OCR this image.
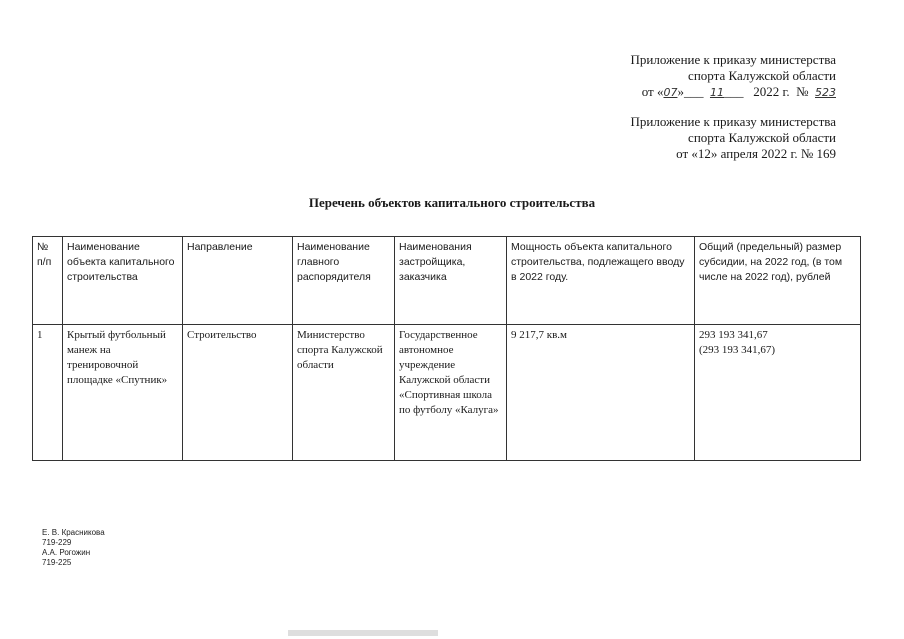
Приложение к приказу министерства
спорта Калужской области
от «07»___  11___   2022 г. № 523
Приложение к приказу министерства
спорта Калужской области
от «12» апреля 2022 г. № 169
Перечень объектов капитального строительства
№ п/п	Наименование объекта капитального строительства	Направление	Наименование главного распорядителя	Наименования застройщика, заказчика	Мощность объекта капитального строительства, подлежащего вводу в 2022 году.	Общий (предельный) размер субсидии, на 2022 год, (в том числе на 2022 год), рублей
1	Крытый футбольный манеж на тренировочной площадке «Спутник»	Строительство	Министерство спорта Калужской области	Государственное автономное учреждение Калужской области «Спортивная школа по футболу «Калуга»	9 217,7 кв.м	293 193 341,67
(293 193 341,67)
Е. В. Красникова
719-229
А.А. Рогожин
719-225
